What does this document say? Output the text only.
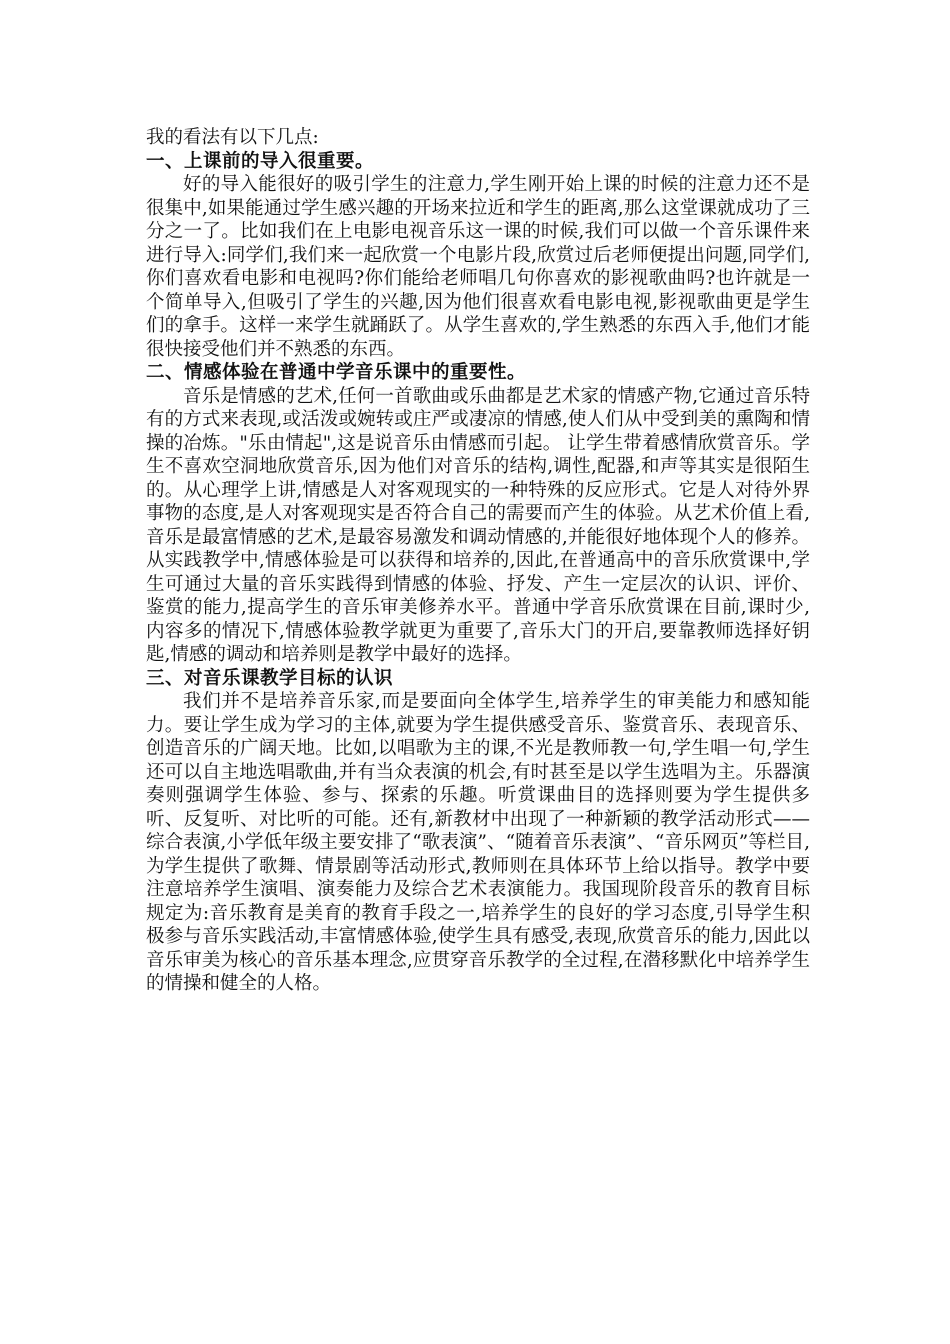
我的看法有以下几点:

一、上课前的导入很重要。

好的导入能很好的吸引学生的注意力,学生刚开始上课的时候的注意力还不是很集中,如果能通过学生感兴趣的开场来拉近和学生的距离,那么这堂课就成功了三分之一了。比如我们在上电影电视音乐这一课的时候,我们可以做一个音乐课件来进行导入:同学们,我们来一起欣赏一个电影片段,欣赏过后老师便提出问题,同学们,你们喜欢看电影和电视吗?你们能给老师唱几句你喜欢的影视歌曲吗?也许就是一个简单导入,但吸引了学生的兴趣,因为他们很喜欢看电影电视,影视歌曲更是学生们的拿手。这样一来学生就踊跃了。从学生喜欢的,学生熟悉的东西入手,他们才能很快接受他们并不熟悉的东西。

二、情感体验在普通中学音乐课中的重要性。

音乐是情感的艺术,任何一首歌曲或乐曲都是艺术家的情感产物,它通过音乐特有的方式来表现,或活泼或婉转或庄严或凄凉的情感,使人们从中受到美的熏陶和情操的冶炼。"乐由情起",这是说音乐由情感而引起。 让学生带着感情欣赏音乐。学生不喜欢空洞地欣赏音乐,因为他们对音乐的结构,调性,配器,和声等其实是很陌生的。从心理学上讲,情感是人对客观现实的一种特殊的反应形式。它是人对待外界事物的态度,是人对客观现实是否符合自己的需要而产生的体验。从艺术价值上看,音乐是最富情感的艺术,是最容易激发和调动情感的,并能很好地体现个人的修养。从实践教学中,情感体验是可以获得和培养的,因此,在普通高中的音乐欣赏课中,学生可通过大量的音乐实践得到情感的体验、抒发、产生一定层次的认识、评价、鉴赏的能力,提高学生的音乐审美修养水平。普通中学音乐欣赏课在目前,课时少,内容多的情况下,情感体验教学就更为重要了,音乐大门的开启,要靠教师选择好钥匙,情感的调动和培养则是教学中最好的选择。

三、对音乐课教学目标的认识

我们并不是培养音乐家,而是要面向全体学生,培养学生的审美能力和感知能力。要让学生成为学习的主体,就要为学生提供感受音乐、鉴赏音乐、表现音乐、创造音乐的广阔天地。比如,以唱歌为主的课,不光是教师教一句,学生唱一句,学生还可以自主地选唱歌曲,并有当众表演的机会,有时甚至是以学生选唱为主。乐器演奏则强调学生体验、参与、探索的乐趣。听赏课曲目的选择则要为学生提供多听、反复听、对比听的可能。还有,新教材中出现了一种新颖的教学活动形式——综合表演,小学低年级主要安排了“歌表演”、“随着音乐表演”、“音乐网页”等栏目,为学生提供了歌舞、情景剧等活动形式,教师则在具体环节上给以指导。教学中要注意培养学生演唱、演奏能力及综合艺术表演能力。我国现阶段音乐的教育目标规定为:音乐教育是美育的教育手段之一,培养学生的良好的学习态度,引导学生积极参与音乐实践活动,丰富情感体验,使学生具有感受,表现,欣赏音乐的能力,因此以音乐审美为核心的音乐基本理念,应贯穿音乐教学的全过程,在潜移默化中培养学生的情操和健全的人格。
